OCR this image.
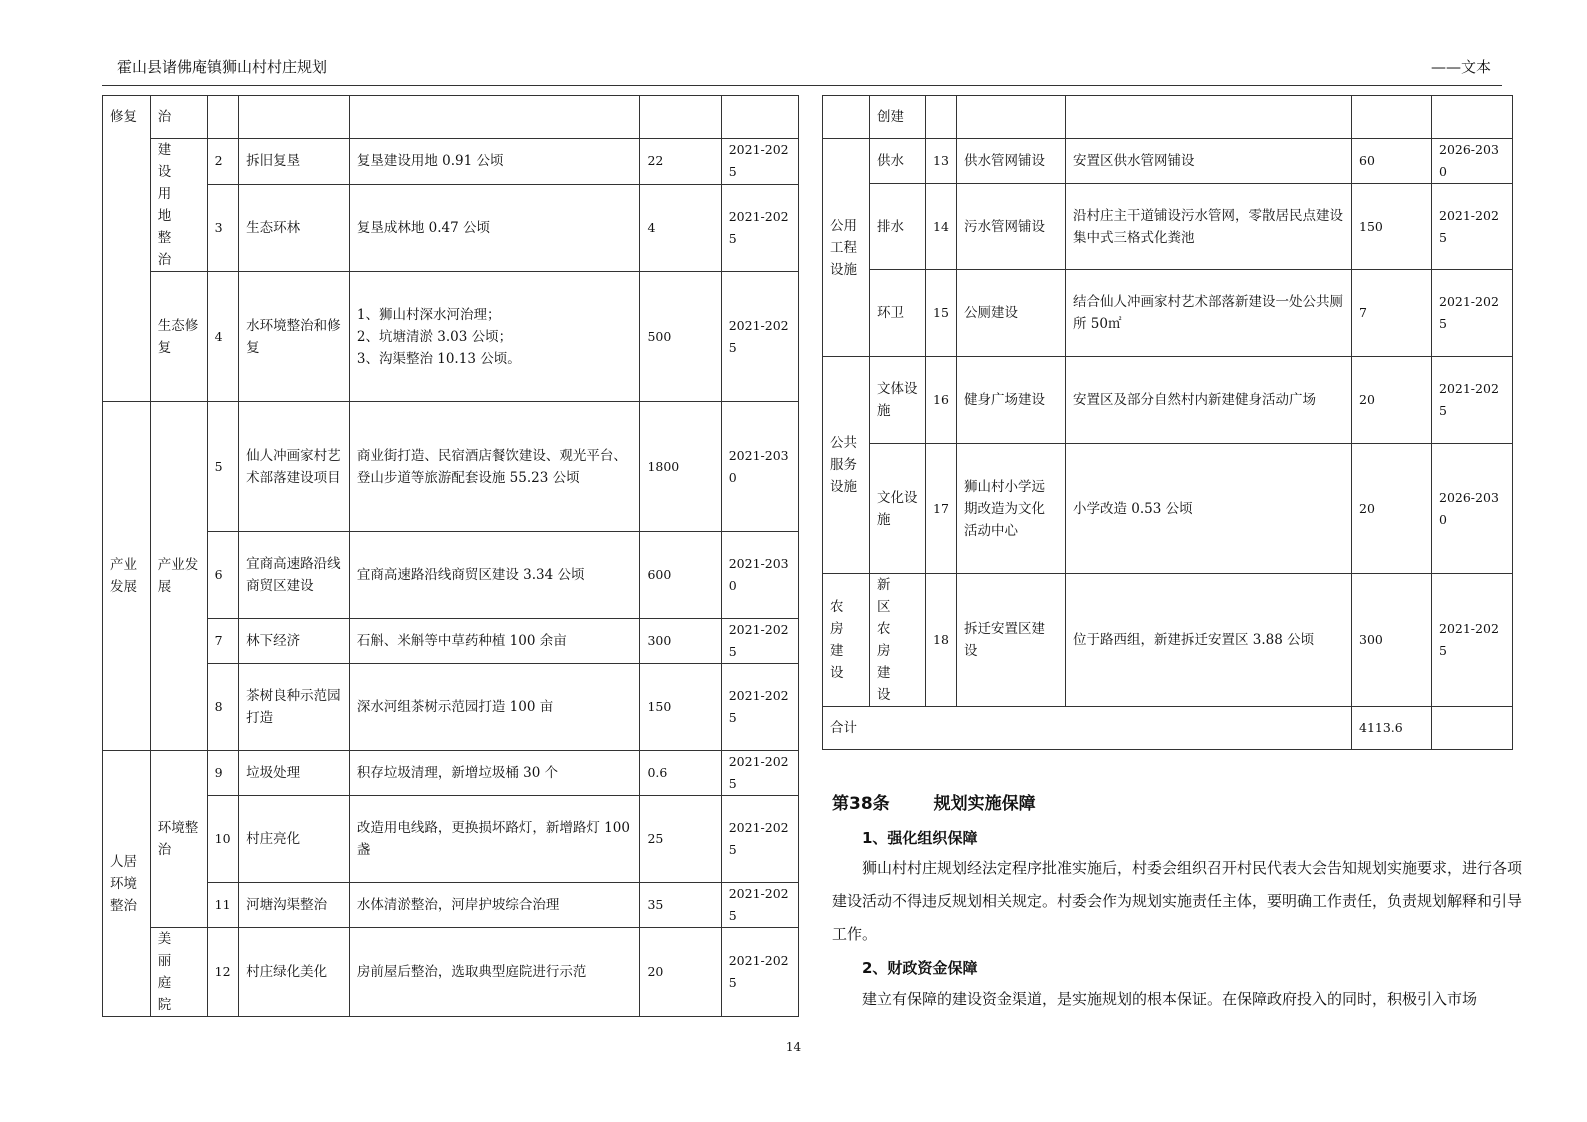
霍山县诸佛庵镇狮山村村庄规划	——文本
修复	治					
	建设用地整治	2	拆旧复垦	复垦建设用地 0.91 公顷	22	2021-2025
		3	生态环林	复垦成林地 0.47 公顷	4	2021-2025
	生态修复	4	水环境整治和修复	1、狮山村深水河治理；
2、坑塘清淤 3.03 公顷；
3、沟渠整治 10.13 公顷。	500	2021-2025
产业发展	产业发展	5	仙人冲画家村艺术部落建设项目	商业街打造、民宿酒店餐饮建设、观光平台、登山步道等旅游配套设施 55.23 公顷	1800	2021-2030
		6	宜商高速路沿线商贸区建设	宜商高速路沿线商贸区建设 3.34 公顷	600	2021-2030
		7	林下经济	石斛、米斛等中草药种植 100 余亩	300	2021-2025
		8	茶树良种示范园打造	深水河组茶树示范园打造 100 亩	150	2021-2025
人居环境整治	环境整治	9	垃圾处理	积存垃圾清理，新增垃圾桶 30 个	0.6	2021-2025
		10	村庄亮化	改造用电线路，更换损坏路灯，新增路灯 100 盏	25	2021-2025
		11	河塘沟渠整治	水体清淤整治，河岸护坡综合治理	35	2021-2025
	美丽庭院	12	村庄绿化美化	房前屋后整治，选取典型庭院进行示范	20	2021-2025
	创建					
公用工程设施	供水	13	供水管网铺设	安置区供水管网铺设	60	2026-2030
	排水	14	污水管网铺设	沿村庄主干道铺设污水管网，零散居民点建设集中式三格式化粪池	150	2021-2025
	环卫	15	公厕建设	结合仙人冲画家村艺术部落新建设一处公共厕所 50㎡	7	2021-2025
公共服务设施	文体设施	16	健身广场建设	安置区及部分自然村内新建健身活动广场	20	2021-2025
	文化设施	17	狮山村小学远期改造为文化活动中心	小学改造 0.53 公顷	20	2026-2030
农房建设	新区农房建设	18	拆迁安置区建设	位于路西组，新建拆迁安置区 3.88 公顷	300	2021-2025
合计					4113.6	
第38条	规划实施保障
1、强化组织保障
狮山村村庄规划经法定程序批准实施后，村委会组织召开村民代表大会告知规划实施要求，进行各项建设活动不得违反规划相关规定。村委会作为规划实施责任主体，要明确工作责任，负责规划解释和引导工作。
2、财政资金保障
建立有保障的建设资金渠道，是实施规划的根本保证。在保障政府投入的同时，积极引入市场
14
